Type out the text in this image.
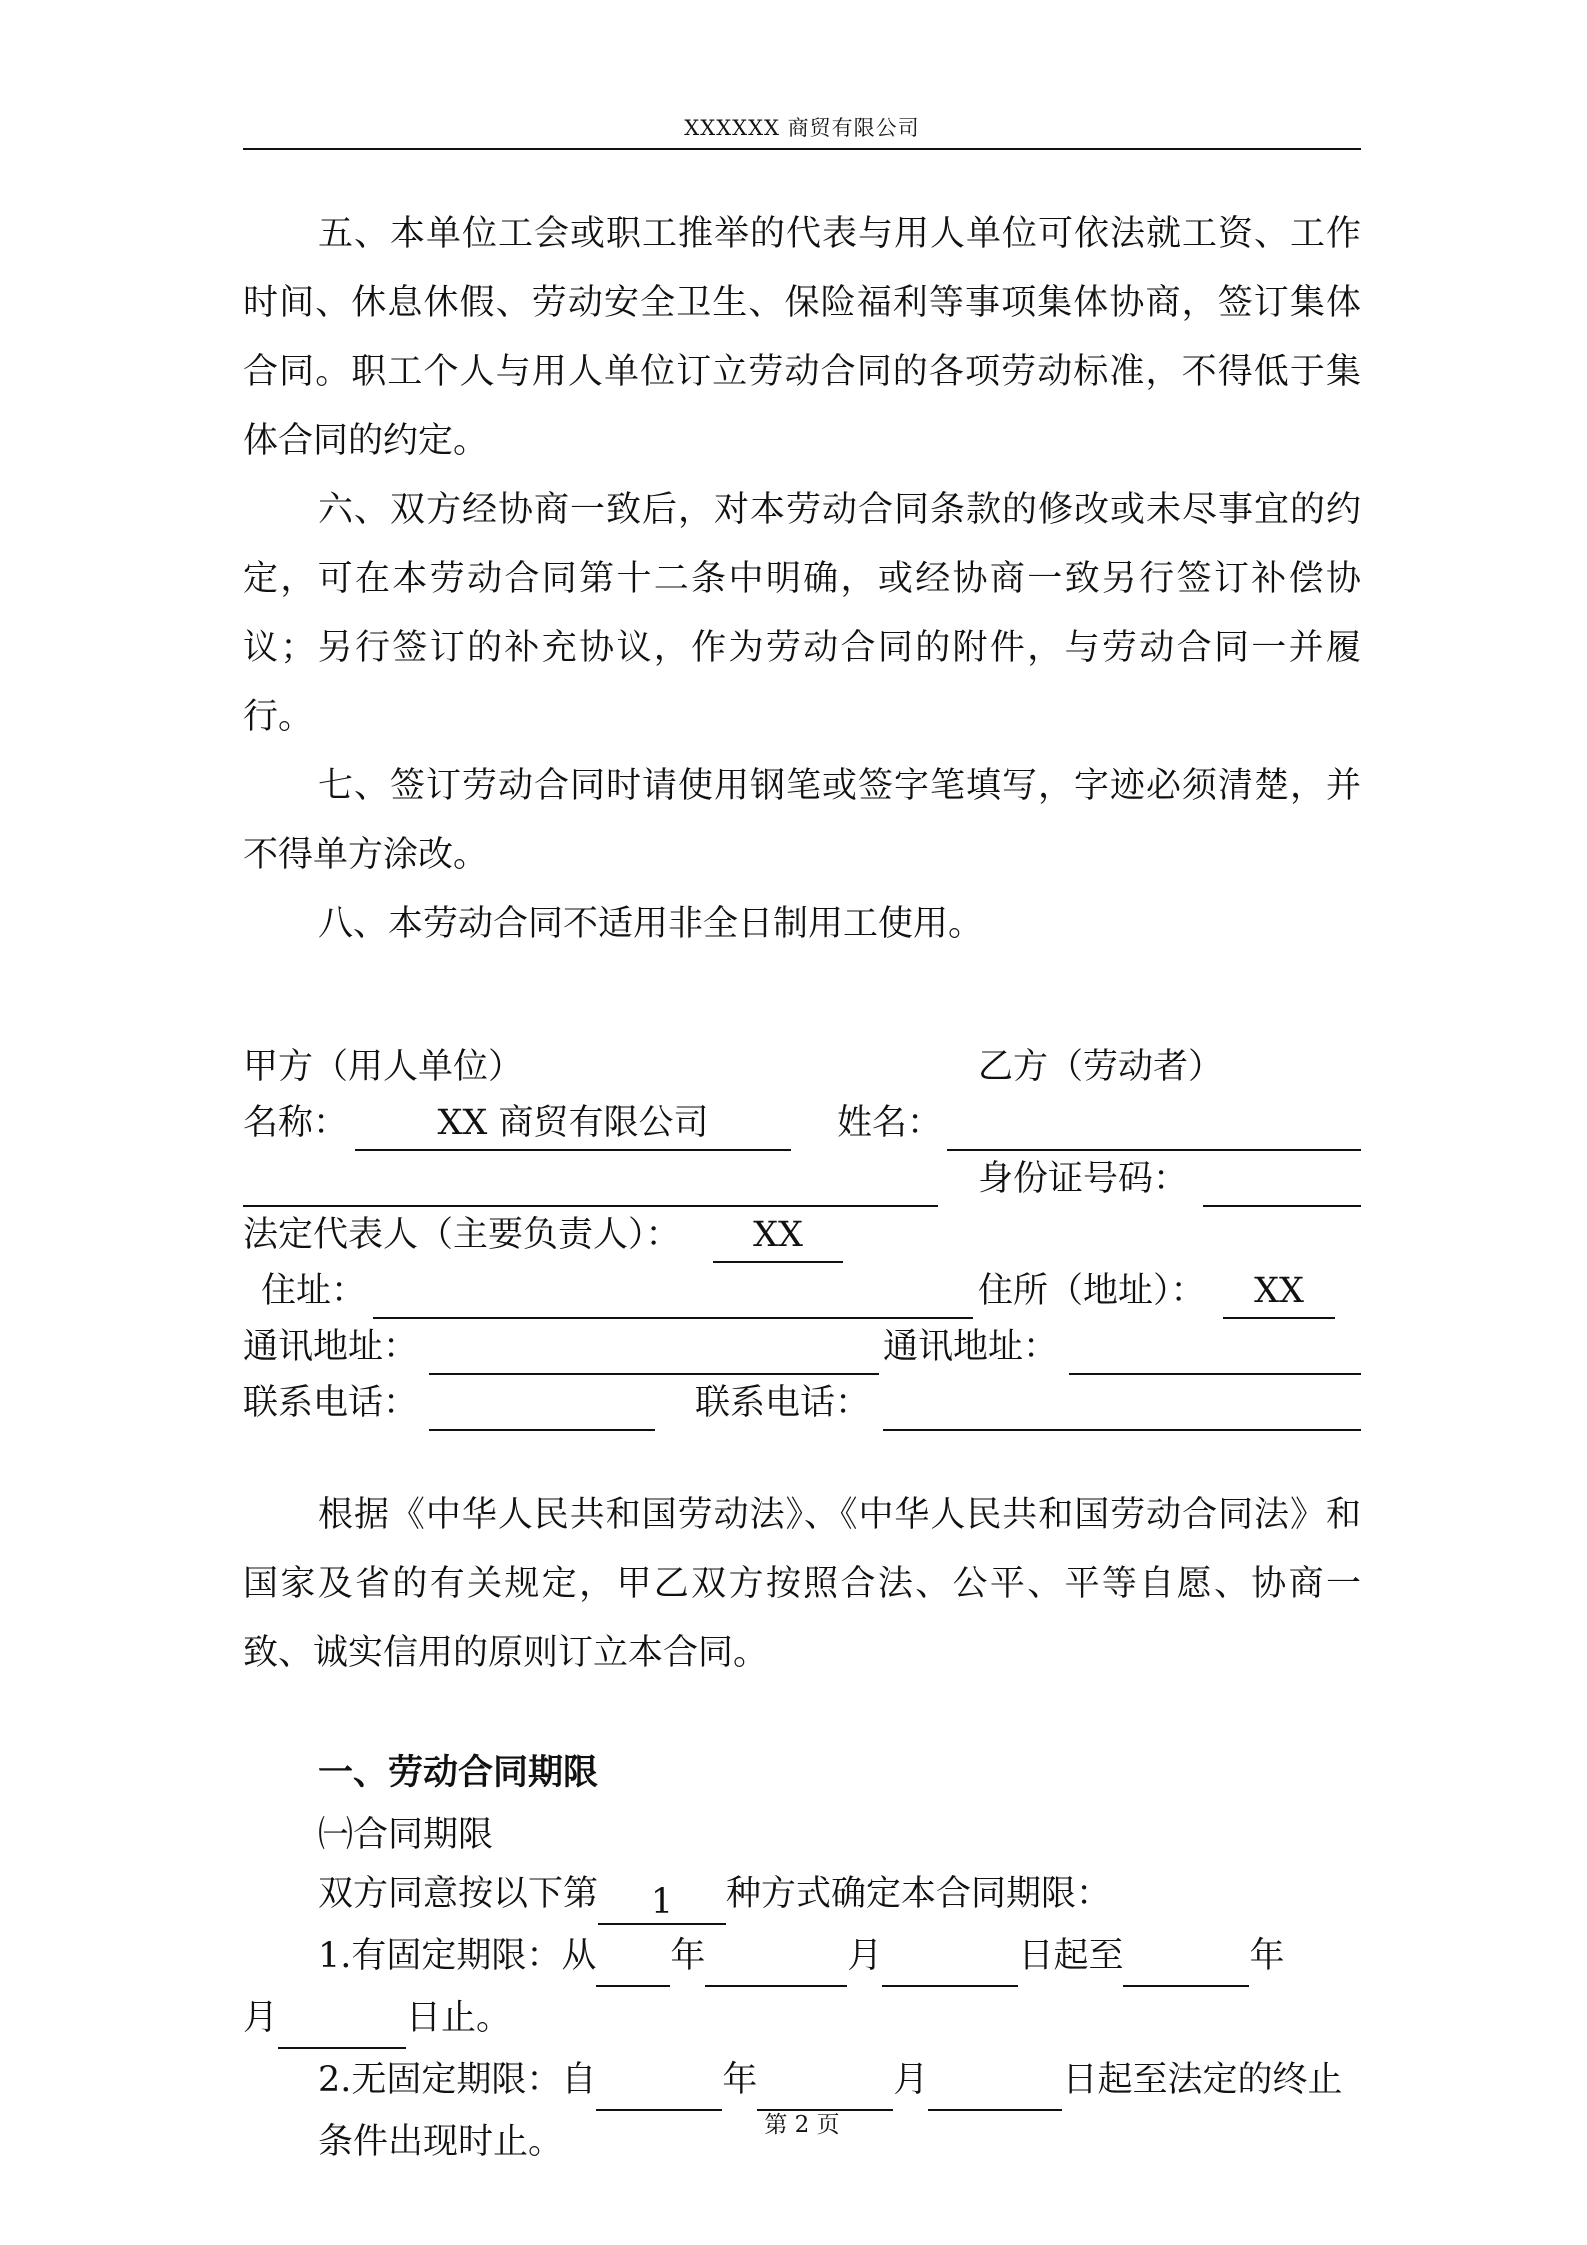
XXXXXX 商贸有限公司

五、本单位工会或职工推举的代表与用人单位可依法就工资、工作时间、休息休假、劳动安全卫生、保险福利等事项集体协商，签订集体合同。职工个人与用人单位订立劳动合同的各项劳动标准，不得低于集体合同的约定。

六、双方经协商一致后，对本劳动合同条款的修改或未尽事宜的约定，可在本劳动合同第十二条中明确，或经协商一致另行签订补偿协议；另行签订的补充协议，作为劳动合同的附件，与劳动合同一并履行。

七、签订劳动合同时请使用钢笔或签字笔填写，字迹必须清楚，并不得单方涂改。

八、本劳动合同不适用非全日制用工使用。

甲方（用人单位）	乙方（劳动者）
名称：	XX 商贸有限公司	姓名：
身份证号码：
法定代表人（主要负责人）：	XX
住址：	住所（地址）：	XX
通讯地址：	通讯地址：
联系电话：	联系电话：

根据《中华人民共和国劳动法》、《中华人民共和国劳动合同法》和国家及省的有关规定，甲乙双方按照合法、公平、平等自愿、协商一致、诚实信用的原则订立本合同。

一、劳动合同期限

㈠合同期限

双方同意按以下第 1 种方式确定本合同期限：

1.有固定期限：从 年	月	日起至	年

月	日止。

2.无固定期限：自	年	月	日起至法定的终止条件出现时止。	第 2 页
